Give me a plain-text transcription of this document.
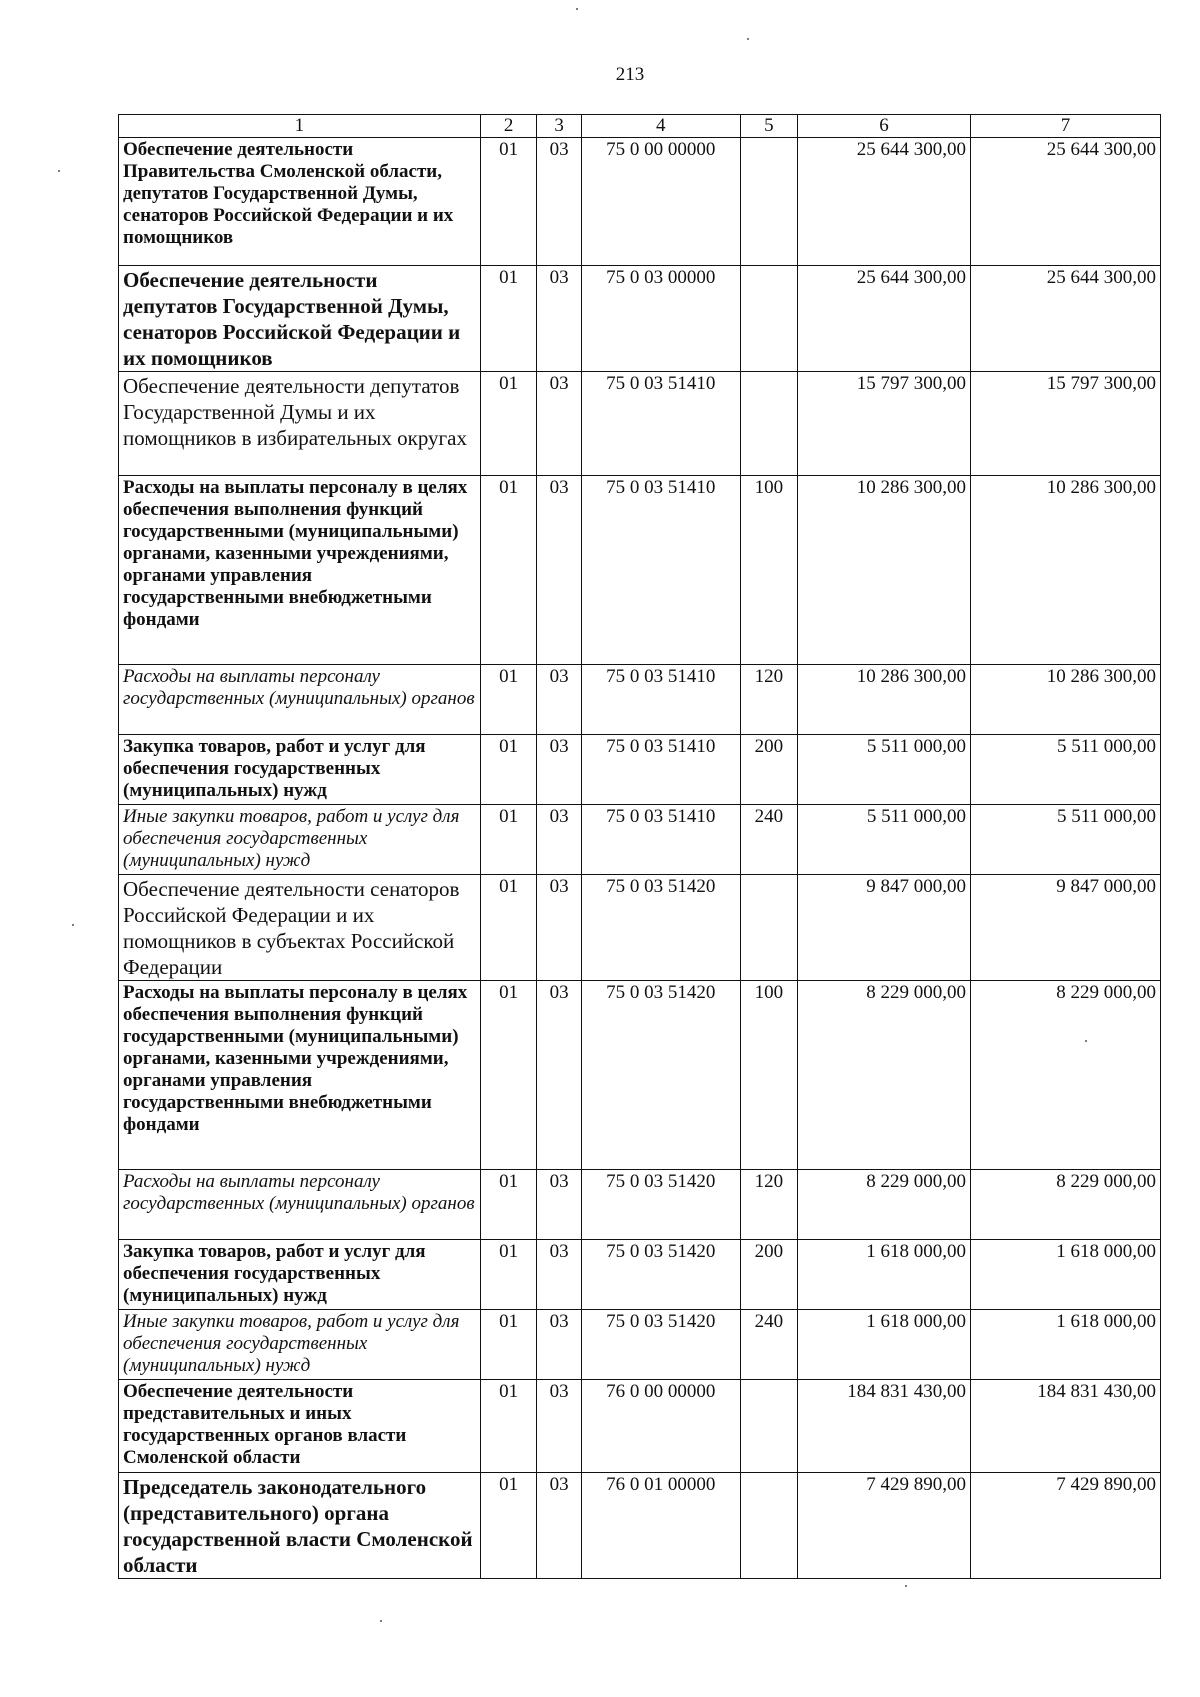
213
1	2	3	4	5	6	7
Обеспечение деятельности Правительства Смоленской области, депутатов Государственной Думы, сенаторов Российской Федерации и их помощников	01	03	75 0 00 00000		25 644 300,00	25 644 300,00
Обеспечение деятельности депутатов Государственной Думы, сенаторов Российской Федерации и их помощников	01	03	75 0 03 00000		25 644 300,00	25 644 300,00
Обеспечение деятельности депутатов Государственной Думы и их помощников в избирательных округах	01	03	75 0 03 51410		15 797 300,00	15 797 300,00
Расходы на выплаты персоналу в целях обеспечения выполнения функций государственными (муниципальными) органами, казенными учреждениями, органами управления государственными внебюджетными фондами	01	03	75 0 03 51410	100	10 286 300,00	10 286 300,00
Расходы на выплаты персоналу государственных (муниципальных) органов	01	03	75 0 03 51410	120	10 286 300,00	10 286 300,00
Закупка товаров, работ и услуг для обеспечения государственных (муниципальных) нужд	01	03	75 0 03 51410	200	5 511 000,00	5 511 000,00
Иные закупки товаров, работ и услуг для обеспечения государственных (муниципальных) нужд	01	03	75 0 03 51410	240	5 511 000,00	5 511 000,00
Обеспечение деятельности сенаторов Российской Федерации и их помощников в субъектах Российской Федерации	01	03	75 0 03 51420		9 847 000,00	9 847 000,00
Расходы на выплаты персоналу в целях обеспечения выполнения функций государственными (муниципальными) органами, казенными учреждениями, органами управления государственными внебюджетными фондами	01	03	75 0 03 51420	100	8 229 000,00	8 229 000,00
Расходы на выплаты персоналу государственных (муниципальных) органов	01	03	75 0 03 51420	120	8 229 000,00	8 229 000,00
Закупка товаров, работ и услуг для обеспечения государственных (муниципальных) нужд	01	03	75 0 03 51420	200	1 618 000,00	1 618 000,00
Иные закупки товаров, работ и услуг для обеспечения государственных (муниципальных) нужд	01	03	75 0 03 51420	240	1 618 000,00	1 618 000,00
Обеспечение деятельности представительных и иных государственных органов власти Смоленской области	01	03	76 0 00 00000		184 831 430,00	184 831 430,00
Председатель законодательного (представительного) органа государственной власти Смоленской области	01	03	76 0 01 00000		7 429 890,00	7 429 890,00
